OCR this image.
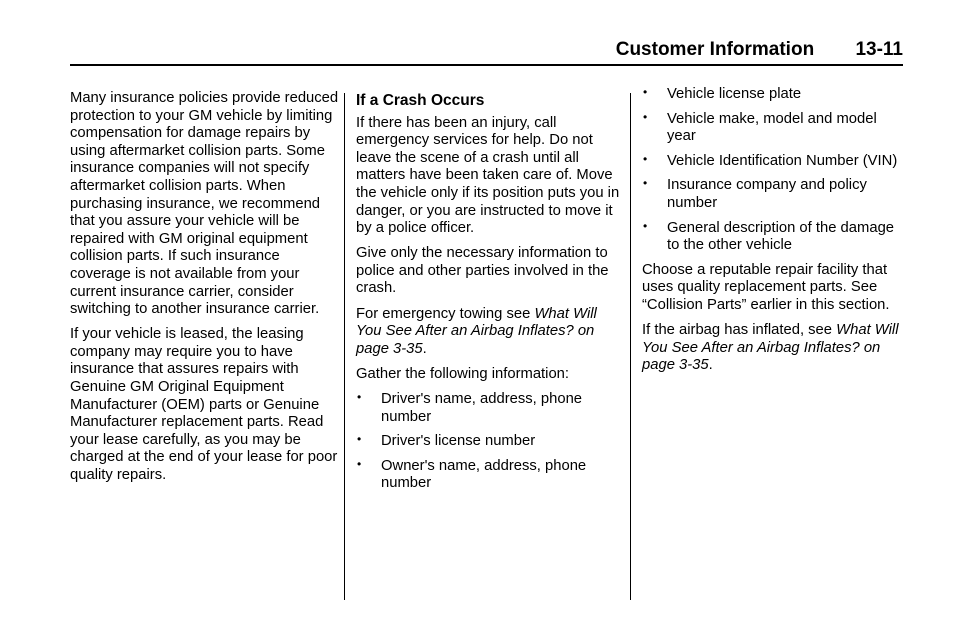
Customer Information 13-11

Many insurance policies provide reduced protection to your GM vehicle by limiting compensation for damage repairs by using aftermarket collision parts. Some insurance companies will not specify aftermarket collision parts. When purchasing insurance, we recommend that you assure your vehicle will be repaired with GM original equipment collision parts. If such insurance coverage is not available from your current insurance carrier, consider switching to another insurance carrier.

If your vehicle is leased, the leasing company may require you to have insurance that assures repairs with Genuine GM Original Equipment Manufacturer (OEM) parts or Genuine Manufacturer replacement parts. Read your lease carefully, as you may be charged at the end of your lease for poor quality repairs.

If a Crash Occurs

If there has been an injury, call emergency services for help. Do not leave the scene of a crash until all matters have been taken care of. Move the vehicle only if its position puts you in danger, or you are instructed to move it by a police officer.

Give only the necessary information to police and other parties involved in the crash.

For emergency towing see What Will You See After an Airbag Inflates? on page 3-35.

Gather the following information:

• Driver's name, address, phone number
• Driver's license number
• Owner's name, address, phone number
• Vehicle license plate
• Vehicle make, model and model year
• Vehicle Identification Number (VIN)
• Insurance company and policy number
• General description of the damage to the other vehicle

Choose a reputable repair facility that uses quality replacement parts. See “Collision Parts” earlier in this section.

If the airbag has inflated, see What Will You See After an Airbag Inflates? on page 3-35.
